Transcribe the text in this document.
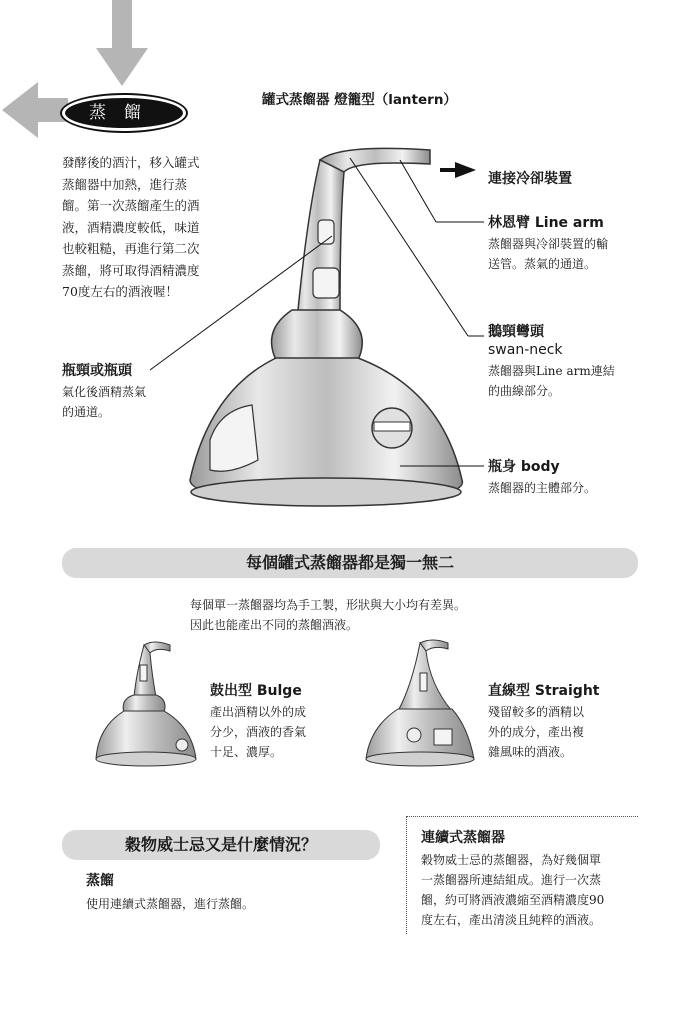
蒸餾
罐式蒸餾器 燈籠型（lantern）
發酵後的酒汁，移入罐式
蒸餾器中加熱，進行蒸
餾。第一次蒸餾產生的酒
液，酒精濃度較低，味道
也較粗糙，再進行第二次
蒸餾，將可取得酒精濃度
70度左右的酒液喔！
連接冷卻裝置
林恩臂 Line arm
蒸餾器與冷卻裝置的輸
送管。蒸氣的通道。
鵝頸彎頭
swan-neck
蒸餾器與Line arm連結
的曲線部分。
瓶頸或瓶頭
氣化後酒精蒸氣
的通道。
瓶身 body
蒸餾器的主體部分。
每個罐式蒸餾器都是獨一無二
每個單一蒸餾器均為手工製，形狀與大小均有差異。
因此也能產出不同的蒸餾酒液。
鼓出型 Bulge
產出酒精以外的成
分少，酒液的香氣
十足、濃厚。
直線型 Straight
殘留較多的酒精以
外的成分，產出複
雜風味的酒液。
穀物威士忌又是什麼情況？
蒸餾
使用連續式蒸餾器，進行蒸餾。
連續式蒸餾器
穀物威士忌的蒸餾器，為好幾個單
一蒸餾器所連結組成。進行一次蒸
餾，約可將酒液濃縮至酒精濃度90
度左右，產出清淡且純粹的酒液。
